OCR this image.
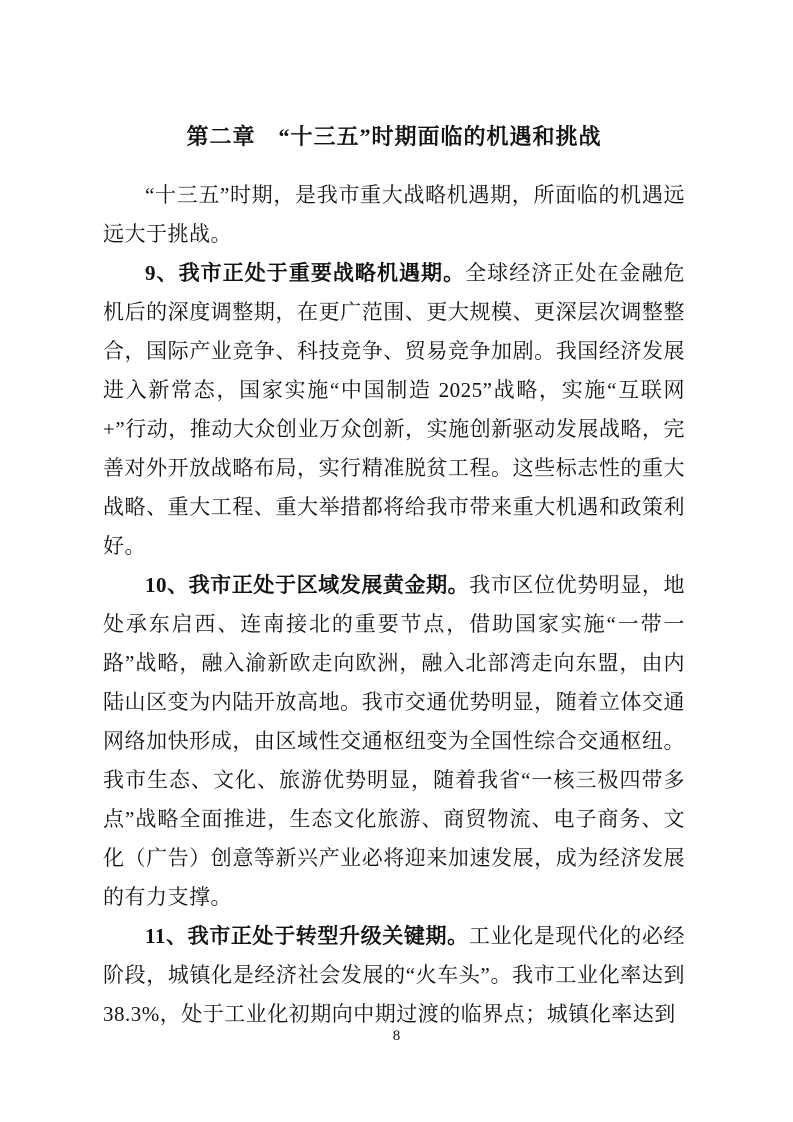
第二章　“十三五”时期面临的机遇和挑战

“十三五”时期，是我市重大战略机遇期，所面临的机遇远远大于挑战。

9、我市正处于重要战略机遇期。全球经济正处在金融危机后的深度调整期，在更广范围、更大规模、更深层次调整整合，国际产业竞争、科技竞争、贸易竞争加剧。我国经济发展进入新常态，国家实施“中国制造 2025”战略，实施“互联网+”行动，推动大众创业万众创新，实施创新驱动发展战略，完善对外开放战略布局，实行精准脱贫工程。这些标志性的重大战略、重大工程、重大举措都将给我市带来重大机遇和政策利好。

10、我市正处于区域发展黄金期。我市区位优势明显，地处承东启西、连南接北的重要节点，借助国家实施“一带一路”战略，融入渝新欧走向欧洲，融入北部湾走向东盟，由内陆山区变为内陆开放高地。我市交通优势明显，随着立体交通网络加快形成，由区域性交通枢纽变为全国性综合交通枢纽。我市生态、文化、旅游优势明显，随着我省“一核三极四带多点”战略全面推进，生态文化旅游、商贸物流、电子商务、文化（广告）创意等新兴产业必将迎来加速发展，成为经济发展的有力支撑。

11、我市正处于转型升级关键期。工业化是现代化的必经阶段，城镇化是经济社会发展的“火车头”。我市工业化率达到38.3%，处于工业化初期向中期过渡的临界点；城镇化率达到

8
